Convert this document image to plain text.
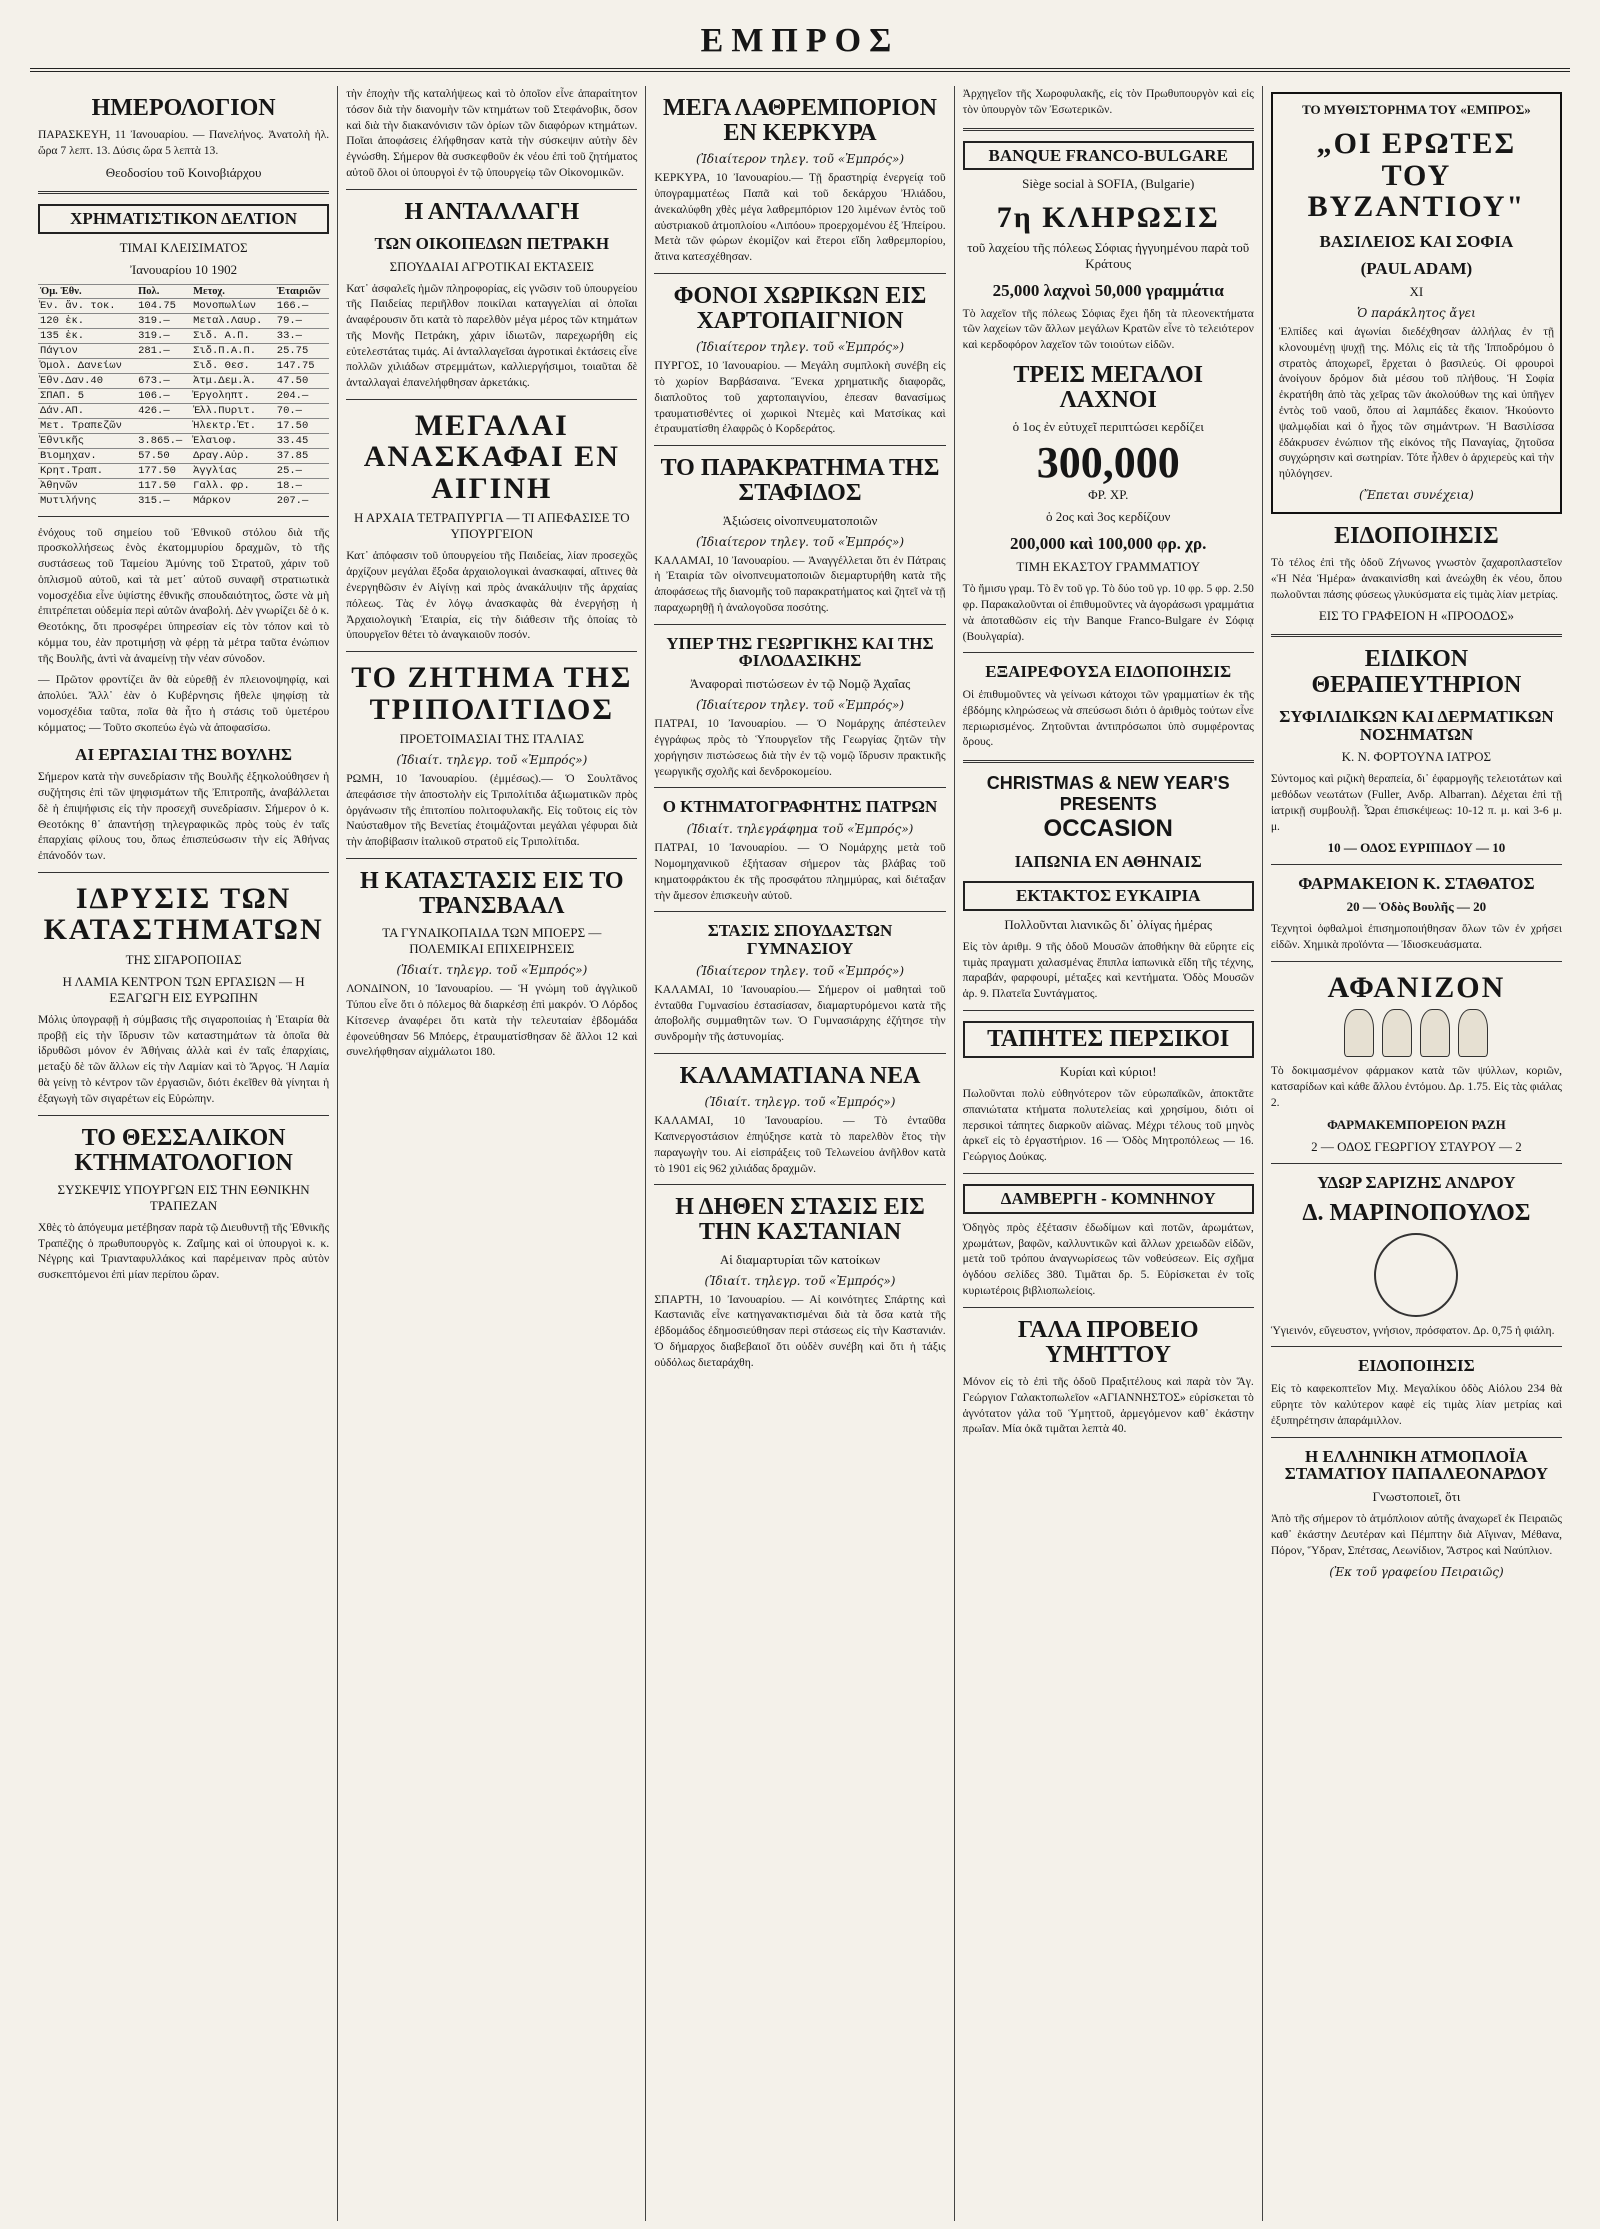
ΕΜΠΡΟΣ
ΗΜΕΡΟΛΟΓΙΟΝ

ΠΑΡΑΣΚΕΥΗ, 11 Ἰανουαρίου. — Πανελήνος. Ἀνατολὴ ἡλ. ὥρα 7 λεπτ. 13. Δύσις ὥρα 5 λεπτὰ 13.

Θεοδοσίου τοῦ Κοινοβιάρχου
ΧΡΗΜΑΤΙΣΤΙΚΟΝ ΔΕΛΤΙΟΝ
ΤΙΜΑΙ ΚΛΕΙΣΙΜΑΤΟΣ
Ἰανουαρίου 10 1902
Ὀμ. Ἐθν.	Πολ.	Μετοχ.	Ἑταιριῶν
Ἐν. ἄν. τοκ.	104.75	Μονοπωλίων	166.—
120 ἑκ.	319.—	Μεταλ.Λαυρ.	79.—
135 ἑκ.	319.—	Σιδ. Α.Π.	33.—
Πάγιον	281.—	Σιδ.Π.Α.Π.	25.75
Ὁμολ. Δανείων		Σιδ. Θεσ.	147.75
Ἐθν.Δαν.40	673.—	Ἀτμ.Δεμ.Ἀ.	47.50
ΣΠΑΠ. 5	106.—	Ἐργοληπτ.	204.—
Δάν.ΑΠ.	426.—	Ἑλλ.Πυριτ.	70.—
Μετ. Τραπεζῶν		Ἠλεκτρ.Ἑτ.	17.50
Ἐθνικῆς	3.865.—	Ἐλαιοφ.	33.45
Βιομηχαν.	57.50	Δραγ.Αὐρ.	37.85
Κρητ.Τραπ.	177.50	Ἀγγλίας	25.—
Ἀθηνῶν	117.50	Γαλλ. φρ.	18.—
Μυτιλήνης	315.—	Μάρκον	207.—

ἐνόχους τοῦ σημείου τοῦ Ἐθνικοῦ στόλου διὰ τῆς προσκολλήσεως ἑνὸς ἐκατομμυρίου δραχμῶν, τὸ τῆς συστάσεως τοῦ Ταμείου Ἀμύνης τοῦ Στρατοῦ, χάριν τοῦ ὁπλισμοῦ αὐτοῦ, καὶ τὰ μετ᾽ αὐτοῦ συναφῆ στρατιωτικὰ νομοσχέδια εἶνε ὑψίστης ἐθνικῆς σπουδαιότητος, ὥστε νὰ μὴ ἐπιτρέπεται οὐδεμία περὶ αὐτῶν ἀναβολή. Δὲν γνωρίζει δὲ ὁ κ. Θεοτόκης, ὅτι προσφέρει ὑπηρεσίαν εἰς τὸν τόπον καὶ τὸ κόμμα του, ἐὰν προτιμήσῃ νὰ φέρῃ τὰ μέτρα ταῦτα ἐνώπιον τῆς Βουλῆς, ἀντὶ νὰ ἀναμείνῃ τὴν νέαν σύνοδον.

— Πρῶτον φροντίζει ἂν θὰ εὑρεθῇ ἐν πλειονοψηφίᾳ, καὶ ἀπολύει. Ἄλλ᾽ ἐὰν ὁ Κυβέρνησις ἤθελε ψηφίσῃ τὰ νομοσχέδια ταῦτα, ποῖα θὰ ἦτο ἡ στάσις τοῦ ὑμετέρου κόμματος; — Τοῦτο σκοπεύω ἐγὼ νὰ ἀποφασίσω.

ΑΙ ΕΡΓΑΣΙΑΙ ΤΗΣ ΒΟΥΛΗΣ

Σήμερον κατὰ τὴν συνεδρίασιν τῆς Βουλῆς ἐξηκολούθησεν ἡ συζήτησις ἐπὶ τῶν ψηφισμάτων τῆς Ἐπιτροπῆς, ἀναβάλλεται δὲ ἡ ἐπιψήφισις εἰς τὴν προσεχῆ συνεδρίασιν. Σήμερον ὁ κ. Θεοτόκης θ᾽ ἀπαντήσῃ τηλεγραφικῶς πρὸς τοὺς ἐν ταῖς ἐπαρχίαις φίλους του, ὅπως ἐπισπεύσωσιν τὴν εἰς Ἀθήνας ἐπάνοδόν των.

ΙΔΡΥΣΙΣ ΤΩΝ ΚΑΤΑΣΤΗΜΑΤΩΝ
ΤΗΣ ΣΙΓΑΡΟΠΟΙΙΑΣ
Η ΛΑΜΙΑ ΚΕΝΤΡΟΝ ΤΩΝ ΕΡΓΑΣΙΩΝ — Η ΕΞΑΓΩΓΗ ΕΙΣ ΕΥΡΩΠΗΝ

Μόλις ὑπογραφῇ ἡ σύμβασις τῆς σιγαροποιίας ἡ Ἑταιρία θὰ προβῇ εἰς τὴν ἵδρυσιν τῶν καταστημάτων τὰ ὁποῖα θὰ ἱδρυθῶσι μόνον ἐν Ἀθήναις ἀλλὰ καὶ ἐν ταῖς ἐπαρχίαις, μεταξὺ δὲ τῶν ἄλλων εἰς τὴν Λαμίαν καὶ τὸ Ἄργος. Ἡ Λαμία θὰ γείνῃ τὸ κέντρον τῶν ἐργασιῶν, διότι ἐκεῖθεν θὰ γίνηται ἡ ἐξαγωγὴ τῶν σιγαρέτων εἰς Εὐρώπην.

ΤΟ ΘΕΣΣΑΛΙΚΟΝ ΚΤΗΜΑΤΟΛΟΓΙΟΝ
ΣΥΣΚΕΨΙΣ ΥΠΟΥΡΓΩΝ ΕΙΣ ΤΗΝ ΕΘΝΙΚΗΝ ΤΡΑΠΕΖΑΝ

Χθὲς τὸ ἀπόγευμα μετέβησαν παρὰ τῷ Διευθυντῇ τῆς Ἐθνικῆς Τραπέζης ὁ πρωθυπουργὸς κ. Ζαΐμης καὶ οἱ ὑπουργοὶ κ. κ. Νέγρης καὶ Τριανταφυλλάκος καὶ παρέμειναν πρὸς αὐτὸν συσκεπτόμενοι ἐπὶ μίαν περίπου ὥραν.

τὴν ἐποχὴν τῆς καταλήψεως καὶ τὸ ὁποῖον εἶνε ἀπαραίτητον τόσον διὰ τὴν διανομὴν τῶν κτημάτων τοῦ Στεφάνοβικ, ὅσον καὶ διὰ τὴν διακανόνισιν τῶν ὁρίων τῶν διαφόρων κτημάτων. Ποῖαι ἀποφάσεις ἐλήφθησαν κατὰ τὴν σύσκεψιν αὐτὴν δὲν ἐγνώσθη. Σήμερον θὰ συσκεφθοῦν ἐκ νέου ἐπὶ τοῦ ζητήματος αὐτοῦ ὅλοι οἱ ὑπουργοὶ ἐν τῷ ὑπουργείῳ τῶν Οἰκονομικῶν.

Η ΑΝΤΑΛΛΑΓΗ
ΤΩΝ ΟΙΚΟΠΕΔΩΝ ΠΕΤΡΑΚΗ
ΣΠΟΥΔΑΙΑΙ ΑΓΡΟΤΙΚΑΙ ΕΚΤΑΣΕΙΣ

Κατ᾽ ἀσφαλεῖς ἡμῶν πληροφορίας, εἰς γνῶσιν τοῦ ὑπουργείου τῆς Παιδείας περιῆλθον ποικίλαι καταγγελίαι αἱ ὁποῖαι ἀναφέρουσιν ὅτι κατὰ τὸ παρελθὸν μέγα μέρος τῶν κτημάτων τῆς Μονῆς Πετράκη, χάριν ἰδιωτῶν, παρεχωρήθη εἰς εὐτελεστάτας τιμάς. Αἱ ἀνταλλαγεῖσαι ἀγροτικαὶ ἐκτάσεις εἶνε πολλῶν χιλιάδων στρεμμάτων, καλλιεργήσιμοι, τοιαῦται δὲ ἀνταλλαγαὶ ἐπανελήφθησαν ἀρκετάκις.

ΜΕΓΑΛΑΙ ΑΝΑΣΚΑΦΑΙ ΕΝ ΑΙΓΙΝΗ
Η ΑΡΧΑΙΑ ΤΕΤΡΑΠΥΡΓΙΑ — ΤΙ ΑΠΕΦΑΣΙΣΕ ΤΟ ΥΠΟΥΡΓΕΙΟΝ

Κατ᾽ ἀπόφασιν τοῦ ὑπουργείου τῆς Παιδείας, λίαν προσεχῶς ἀρχίζουν μεγάλαι ἔξοδα ἀρχαιολογικαὶ ἀνασκαφαί, αἵτινες θὰ ἐνεργηθῶσιν ἐν Αἰγίνῃ καὶ πρὸς ἀνακάλυψιν τῆς ἀρχαίας πόλεως. Τὰς ἐν λόγῳ ἀνασκαφὰς θὰ ἐνεργήσῃ ἡ Ἀρχαιολογικὴ Ἑταιρία, εἰς τὴν διάθεσιν τῆς ὁποίας τὸ ὑπουργεῖον θέτει τὸ ἀναγκαιοῦν ποσόν.

ΤΟ ΖΗΤΗΜΑ ΤΗΣ ΤΡΙΠΟΛΙΤΙΔΟΣ
ΠΡΟΕΤΟΙΜΑΣΙΑΙ ΤΗΣ ΙΤΑΛΙΑΣ
(Ἰδιαίτ. τηλεγρ. τοῦ «Ἐμπρός»)

ΡΩΜΗ, 10 Ἰανουαρίου. (ἐμμέσως).— Ὁ Σουλτᾶνος ἀπεφάσισε τὴν ἀποστολὴν εἰς Τριπολίτιδα ἀξιωματικῶν πρὸς ὀργάνωσιν τῆς ἐπιτοπίου πολιτοφυλακῆς. Εἰς τοῦτοις εἰς τὸν Ναύσταθμον τῆς Βενετίας ἐτοιμάζονται μεγάλαι γέφυραι διὰ τὴν ἀποβίβασιν ἰταλικοῦ στρατοῦ εἰς Τριπολίτιδα.

Η ΚΑΤΑΣΤΑΣΙΣ ΕΙΣ ΤΟ ΤΡΑΝΣΒΑΑΛ
ΤΑ ΓΥΝΑΙΚΟΠΑΙΔΑ ΤΩΝ ΜΠΟΕΡΣ — ΠΟΛΕΜΙΚΑΙ ΕΠΙΧΕΙΡΗΣΕΙΣ
(Ἰδιαίτ. τηλεγρ. τοῦ «Ἐμπρός»)

ΛΟΝΔΙΝΟΝ, 10 Ἰανουαρίου. — Ἡ γνώμη τοῦ ἀγγλικοῦ Τύπου εἶνε ὅτι ὁ πόλεμος θὰ διαρκέσῃ ἐπὶ μακρόν. Ὁ Λόρδος Κίτσενερ ἀναφέρει ὅτι κατὰ τὴν τελευταίαν ἑβδομάδα ἐφονεύθησαν 56 Μπόερς, ἐτραυματίσθησαν δὲ ἄλλοι 12 καὶ συνελήφθησαν αἰχμάλωτοι 180.

ΜΕΓΑ ΛΑΘΡΕΜΠΟΡΙΟΝ ΕΝ ΚΕΡΚΥΡΑ
(Ἰδιαίτερον τηλεγ. τοῦ «Ἐμπρός»)

ΚΕΡΚΥΡΑ, 10 Ἰανουαρίου.— Τῇ δραστηρίᾳ ἐνεργείᾳ τοῦ ὑπογραμματέως Παπᾶ καὶ τοῦ δεκάρχου Ἠλιάδου, ἀνεκαλύφθη χθὲς μέγα λαθρεμπόριον 120 λιμένων ἐντὸς τοῦ αὐστριακοῦ ἀτμοπλοίου «Λιπόου» προερχομένου ἐξ Ἠπείρου. Μετὰ τῶν φώρων ἐκομίζον καὶ ἕτεροι εἴδη λαθρεμπορίου, ἅτινα κατεσχέθησαν.

ΦΟΝΟΙ ΧΩΡΙΚΩΝ ΕΙΣ ΧΑΡΤΟΠΑΙΓΝΙΟΝ
(Ἰδιαίτερον τηλεγ. τοῦ «Ἐμπρός»)

ΠΥΡΓΟΣ, 10 Ἰανουαρίου. — Μεγάλη συμπλοκὴ συνέβη εἰς τὸ χωρίον Βαρβάσαινα. Ἕνεκα χρηματικῆς διαφορᾶς, διαπλοῦτος τοῦ χαρτοπαιγνίου, ἐπεσαν θανασίμως τραυματισθέντες οἱ χωρικοὶ Ντεμὲς καὶ Ματσίκας καὶ ἐτραυματίσθη ἐλαφρῶς ὁ Κορδεράτος.

ΤΟ ΠΑΡΑΚΡΑΤΗΜΑ ΤΗΣ ΣΤΑΦΙΔΟΣ
Ἀξιώσεις οἰνοπνευματοποιῶν
(Ἰδιαίτερον τηλεγ. τοῦ «Ἐμπρός»)

ΚΑΛΑΜΑΙ, 10 Ἰανουαρίου. — Ἀναγγέλλεται ὅτι ἐν Πάτραις ἡ Ἐταιρία τῶν οἰνοπνευματοποιῶν διεμαρτυρήθη κατὰ τῆς ἀποφάσεως τῆς διανομῆς τοῦ παρακρατήματος καὶ ζητεῖ νὰ τῇ παραχωρηθῇ ἡ ἀναλογοῦσα ποσότης.

ΥΠΕΡ ΤΗΣ ΓΕΩΡΓΙΚΗΣ ΚΑΙ ΤΗΣ ΦΙΛΟΔΑΣΙΚΗΣ
Ἀναφοραὶ πιστώσεων ἐν τῷ Νομῷ Ἀχαΐας
(Ἰδιαίτερον τηλεγ. τοῦ «Ἐμπρός»)

ΠΑΤΡΑΙ, 10 Ἰανουαρίου. — Ὁ Νομάρχης ἀπέστειλεν ἐγγράφως πρὸς τὸ Ὑπουργεῖον τῆς Γεωργίας ζητῶν τὴν χορήγησιν πιστώσεως διὰ τὴν ἐν τῷ νομῷ ἵδρυσιν πρακτικῆς γεωργικῆς σχολῆς καὶ δενδροκομείου.

Ο ΚΤΗΜΑΤΟΓΡΑΦΗΤΗΣ ΠΑΤΡΩΝ
(Ἰδιαίτ. τηλεγράφημα τοῦ «Ἐμπρός»)

ΠΑΤΡΑΙ, 10 Ἰανουαρίου. — Ὁ Νομάρχης μετὰ τοῦ Νομομηχανικοῦ ἐξήτασαν σήμερον τὰς βλάβας τοῦ κηματοφράκτου ἐκ τῆς προσφάτου πλημμύρας, καὶ διέταξαν τὴν ἄμεσον ἐπισκευὴν αὐτοῦ.

ΣΤΑΣΙΣ ΣΠΟΥΔΑΣΤΩΝ ΓΥΜΝΑΣΙΟΥ
(Ἰδιαίτερον τηλεγ. τοῦ «Ἐμπρός»)

ΚΑΛΑΜΑΙ, 10 Ἰανουαρίου.— Σήμερον οἱ μαθηταὶ τοῦ ἐνταῦθα Γυμνασίου ἐστασίασαν, διαμαρτυρόμενοι κατὰ τῆς ἀποβολῆς συμμαθητῶν των. Ὁ Γυμνασιάρχης ἐζήτησε τὴν συνδρομὴν τῆς ἀστυνομίας.

ΚΑΛΑΜΑΤΙΑΝΑ ΝΕΑ
(Ἰδιαίτ. τηλεγρ. τοῦ «Ἐμπρός»)

ΚΑΛΑΜΑΙ, 10 Ἰανουαρίου. — Τὸ ἐνταῦθα Καπνεργοστάσιον ἐπηύξησε κατὰ τὸ παρελθὸν ἔτος τὴν παραγωγὴν του. Αἱ εἰσπράξεις τοῦ Τελωνείου ἀνῆλθον κατὰ τὸ 1901 εἰς 962 χιλιάδας δραχμῶν.

Η ΔΗΘΕΝ ΣΤΑΣΙΣ ΕΙΣ ΤΗΝ ΚΑΣΤΑΝΙΑΝ
Αἱ διαμαρτυρίαι τῶν κατοίκων
(Ἰδιαίτ. τηλεγρ. τοῦ «Ἐμπρός»)

ΣΠΑΡΤΗ, 10 Ἰανουαρίου. — Αἱ κοινότητες Σπάρτης καὶ Καστανιᾶς εἶνε κατηγανακτισμέναι διὰ τὰ ὅσα κατὰ τῆς ἐβδομάδος ἐδημοσιεύθησαν περὶ στάσεως εἰς τὴν Καστανιάν. Ὁ δήμαρχος διαβεβαιοῖ ὅτι οὐδὲν συνέβη καὶ ὅτι ἡ τάξις οὐδόλως διεταράχθη.

Ἀρχηγεῖον τῆς Χωροφυλακῆς, εἰς τὸν Πρωθυπουργὸν καὶ εἰς τὸν ὑπουργὸν τῶν Ἐσωτερικῶν.

BANQUE FRANCO-BULGARE
Siège social à SOFIA, (Bulgarie)
7η ΚΛΗΡΩΣΙΣ
τοῦ λαχείου τῆς πόλεως Σόφιας ἠγγυημένου παρὰ τοῦ Κράτους
25,000 λαχνοὶ 50,000 γραμμάτια

Τὸ λαχεῖον τῆς πόλεως Σόφιας ἔχει ἤδη τὰ πλεονεκτήματα τῶν λαχείων τῶν ἄλλων μεγάλων Κρατῶν εἶνε τὸ τελειότερον καὶ κερδοφόρον λαχεῖον τῶν τοιούτων εἰδῶν.

ΤΡΕΙΣ ΜΕΓΑΛΟΙ ΛΑΧΝΟΙ
ὁ 1ος ἐν εὐτυχεῖ περιπτώσει κερδίζει
300,000
ΦΡ. ΧΡ.
ὁ 2ος καὶ 3ος κερδίζουν
200,000 καὶ 100,000 φρ. χρ.
ΤΙΜΗ ΕΚΑΣΤΟΥ ΓΡΑΜΜΑΤΙΟΥ

Τὸ ἥμισυ γραμ. Τὸ ἓν τοῦ γρ. Τὸ δύο τοῦ γρ. 10 φρ. 5 φρ. 2.50 φρ. Παρακαλοῦνται οἱ ἐπιθυμοῦντες νὰ ἀγοράσωσι γραμμάτια νὰ ἀποταθῶσιν εἰς τὴν Banque Franco-Bulgare ἐν Σόφιᾳ (Βουλγαρία).

ΕΞΑΙΡΕΦΟΥΣΑ ΕΙΔΟΠΟΙΗΣΙΣ

Οἱ ἐπιθυμοῦντες νὰ γείνωσι κάτοχοι τῶν γραμματίων ἐκ τῆς ἐβδόμης κληρώσεως νὰ σπεύσωσι διότι ὁ ἀριθμὸς τούτων εἶνε περιωρισμένος. Ζητοῦνται ἀντιπρόσωποι ὑπὸ συμφέροντας ὅρους.

CHRISTMAS & NEW YEAR'S PRESENTS
OCCASION
ΙΑΠΩΝΙΑ ΕΝ ΑΘΗΝΑΙΣ
ΕΚΤΑΚΤΟΣ ΕΥΚΑΙΡΙΑ
Πολλοῦνται λιανικῶς δι᾽ ὀλίγας ἡμέρας

Εἰς τὸν ἀριθμ. 9 τῆς ὁδοῦ Μουσῶν ἀποθήκην θὰ εὕρητε εἰς τιμὰς πραγματι χαλασμένας ἔπιπλα ἰαπωνικὰ εἴδη τῆς τέχνης, παραβάν, φαρφουρί, μέταξες καὶ κεντήματα. Ὁδὸς Μουσῶν ἀρ. 9. Πλατεῖα Συντάγματος.

ΤΑΠΗΤΕΣ ΠΕΡΣΙΚΟΙ
Κυρίαι καὶ κύριοι!

Πωλοῦνται πολὺ εὐθηνότερον τῶν εὐρωπαϊκῶν, ἀποκτᾶτε σπανιώτατα κτήματα πολυτελείας καὶ χρησίμου, διότι οἱ περσικοὶ τάπητες διαρκοῦν αἰῶνας. Μέχρι τέλους τοῦ μηνὸς ἀρκεῖ εἰς τὸ ἐργαστήριον. 16 — Ὁδὸς Μητροπόλεως — 16. Γεώργιος Δούκας.

ΔΑΜΒΕΡΓΗ - ΚΟΜΝΗΝΟΥ

Ὀδηγὸς πρὸς ἐξέτασιν ἐδωδίμων καὶ ποτῶν, ἀρωμάτων, χρωμάτων, βαφῶν, καλλυντικῶν καὶ ἄλλων χρειωδῶν εἰδῶν, μετὰ τοῦ τρόπου ἀναγνωρίσεως τῶν νοθεύσεων. Εἰς σχῆμα ὀγδόου σελίδες 380. Τιμᾶται δρ. 5. Εὑρίσκεται ἐν τοῖς κυριωτέροις βιβλιοπωλείοις.

ΓΑΛΑ ΠΡΟΒΕΙΟ ΥΜΗΤΤΟΥ

Μόνον εἰς τὸ ἐπὶ τῆς ὁδοῦ Πραξιτέλους καὶ παρὰ τὸν Ἅγ. Γεώργιον Γαλακτοπωλεῖον «ΑΓΙΑΝΝΗΣΤΟΣ» εὑρίσκεται τὸ ἀγνότατον γάλα τοῦ Ὑμηττοῦ, ἀρμεγόμενον καθ᾽ ἑκάστην πρωΐαν. Μία ὀκᾶ τιμᾶται λεπτὰ 40.

ΤΟ ΜΥΘΙΣΤΟΡΗΜΑ ΤΟΥ «ΕΜΠΡΟΣ»
„ΟΙ ΕΡΩΤΕΣ ΤΟΥ ΒΥΖΑΝΤΙΟΥ"
ΒΑΣΙΛΕΙΟΣ ΚΑΙ ΣΟΦΙΑ
(PAUL ADAM)
XI
Ὁ παράκλητος ἄγει

Ἐλπίδες καὶ ἀγωνίαι διεδέχθησαν ἀλλήλας ἐν τῇ κλονουμένῃ ψυχῇ της. Μόλις εἰς τὰ τῆς Ἱπποδρόμου ὁ στρατὸς ἀποχωρεῖ, ἔρχεται ὁ βασιλεύς. Οἱ φρουροὶ ἀνοίγουν δρόμον διὰ μέσου τοῦ πλήθους. Ἡ Σοφία ἐκρατήθη ἀπὸ τὰς χεῖρας τῶν ἀκολούθων της καὶ ὑπῆγεν ἐντὸς τοῦ ναοῦ, ὅπου αἱ λαμπάδες ἔκαιον. Ἠκούοντο ψαλμῳδίαι καὶ ὁ ἦχος τῶν σημάντρων. Ἡ Βασιλίσσα ἐδάκρυσεν ἐνώπιον τῆς εἰκόνος τῆς Παναγίας, ζητοῦσα συγχώρησιν καὶ σωτηρίαν. Τότε ἦλθεν ὁ ἀρχιερεὺς καὶ τὴν ηὐλόγησεν.

(Ἔπεται συνέχεια)
ΕΙΔΟΠΟΙΗΣΙΣ

Τὸ τέλος ἐπὶ τῆς ὁδοῦ Ζήνωνος γνωστὸν ζαχαροπλαστεῖον «Ἡ Νέα Ἡμέρα» ἀνακαινίσθη καὶ ἀνεώχθη ἐκ νέου, ὅπου πωλοῦνται πάσης φύσεως γλυκύσματα εἰς τιμὰς λίαν μετρίας.

ΕΙΣ ΤΟ ΓΡΑΦΕΙΟΝ Η «ΠΡΟΟΔΟΣ»
ΕΙΔΙΚΟΝ ΘΕΡΑΠΕΥΤΗΡΙΟΝ
ΣΥΦΙΛΙΔΙΚΩΝ ΚΑΙ ΔΕΡΜΑΤΙΚΩΝ ΝΟΣΗΜΑΤΩΝ
Κ. Ν. ΦΟΡΤΟΥΝΑ ΙΑΤΡΟΣ

Σύντομος καὶ ριζικὴ θεραπεία, δι᾽ ἐφαρμογῆς τελειοτάτων καὶ μεθόδων νεωτάτων (Fuller, Ανδρ. Albarran). Δέχεται ἐπὶ τῇ ἰατρικῇ συμβουλῇ. Ὧραι ἐπισκέψεως: 10-12 π. μ. καὶ 3-6 μ. μ.

10 — ΟΔΟΣ ΕΥΡΙΠΙΔΟΥ — 10
ΦΑΡΜΑΚΕΙΟΝ Κ. ΣΤΑΘΑΤΟΣ
20 — Ὁδὸς Βουλῆς — 20

Τεχνητοὶ ὀφθαλμοὶ ἐπισημοποιήθησαν ὅλων τῶν ἐν χρήσει εἰδῶν. Χημικὰ προϊόντα — Ἰδιοσκευάσματα.

ΑΦΑΝΙΖΟΝ

Τὸ δοκιμασμένον φάρμακον κατὰ τῶν ψύλλων, κοριῶν, κατσαρίδων καὶ κάθε ἄλλου ἐντόμου. Δρ. 1.75. Εἰς τὰς φιάλας 2.

ΦΑΡΜΑΚΕΜΠΟΡΕΙΟΝ ΡΑΖΗ
2 — ΟΔΟΣ ΓΕΩΡΓΙΟΥ ΣΤΑΥΡΟΥ — 2
ΥΔΩΡ ΣΑΡΙΖΗΣ ΑΝΔΡΟΥ
Δ. ΜΑΡΙΝΟΠΟΥΛΟΣ

Ὑγιεινόν, εὔγευστον, γνήσιον, πρόσφατον. Δρ. 0,75 ἡ φιάλη.

ΕΙΔΟΠΟΙΗΣΙΣ

Εἰς τὸ καφεκοπτεῖον Μιχ. Μεγαλίκου ὁδὸς Αἰόλου 234 θὰ εὕρητε τὸν καλύτερον καφὲ εἰς τιμὰς λίαν μετρίας καὶ ἐξυπηρέτησιν ἀπαράμιλλον.

Η ΕΛΛΗΝΙΚΗ ΑΤΜΟΠΛΟΪΑ ΣΤΑΜΑΤΙΟΥ ΠΑΠΑΛΕΟΝΑΡΔΟΥ
Γνωστοποιεῖ, ὅτι

Ἀπὸ τῆς σήμερον τὸ ἀτμόπλοιον αὐτῆς ἀναχωρεῖ ἐκ Πειραιῶς καθ᾽ ἑκάστην Δευτέραν καὶ Πέμπτην διὰ Αἴγιναν, Μέθανα, Πόρον, Ὕδραν, Σπέτσας, Λεωνίδιον, Ἄστρος καὶ Ναύπλιον.

(Ἐκ τοῦ γραφείου Πειραιῶς)
